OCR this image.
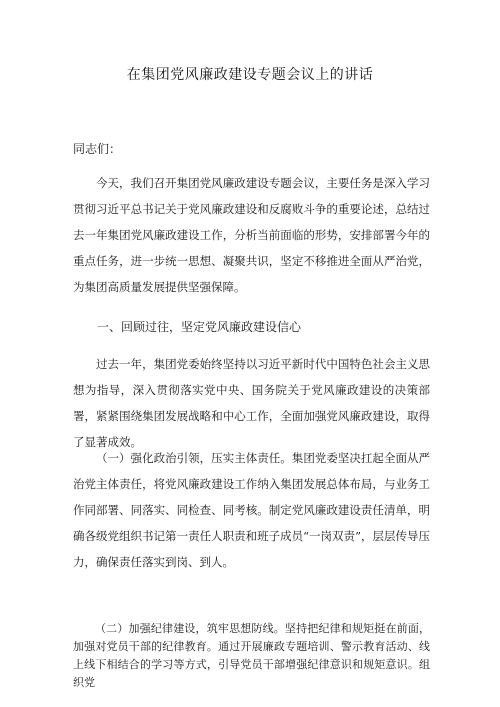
在集团党风廉政建设专题会议上的讲话
同志们：

今天，我们召开集团党风廉政建设专题会议，主要任务是深入学习贯彻习近平总书记关于党风廉政建设和反腐败斗争的重要论述，总结过去一年集团党风廉政建设工作，分析当前面临的形势，安排部署今年的重点任务，进一步统一思想、凝聚共识，坚定不移推进全面从严治党，为集团高质量发展提供坚强保障。

一、回顾过往，坚定党风廉政建设信心

过去一年，集团党委始终坚持以习近平新时代中国特色社会主义思想为指导，深入贯彻落实党中央、国务院关于党风廉政建设的决策部署，紧紧围绕集团发展战略和中心工作，全面加强党风廉政建设，取得了显著成效。

（一）强化政治引领，压实主体责任。集团党委坚决扛起全面从严治党主体责任，将党风廉政建设工作纳入集团发展总体布局，与业务工作同部署、同落实、同检查、同考核。制定党风廉政建设责任清单，明确各级党组织书记第一责任人职责和班子成员“一岗双责”，层层传导压力，确保责任落实到岗、到人。

（二）加强纪律建设，筑牢思想防线。坚持把纪律和规矩挺在前面，加强对党员干部的纪律教育。通过开展廉政专题培训、警示教育活动、线上线下相结合的学习等方式，引导党员干部增强纪律意识和规矩意识。组织党
